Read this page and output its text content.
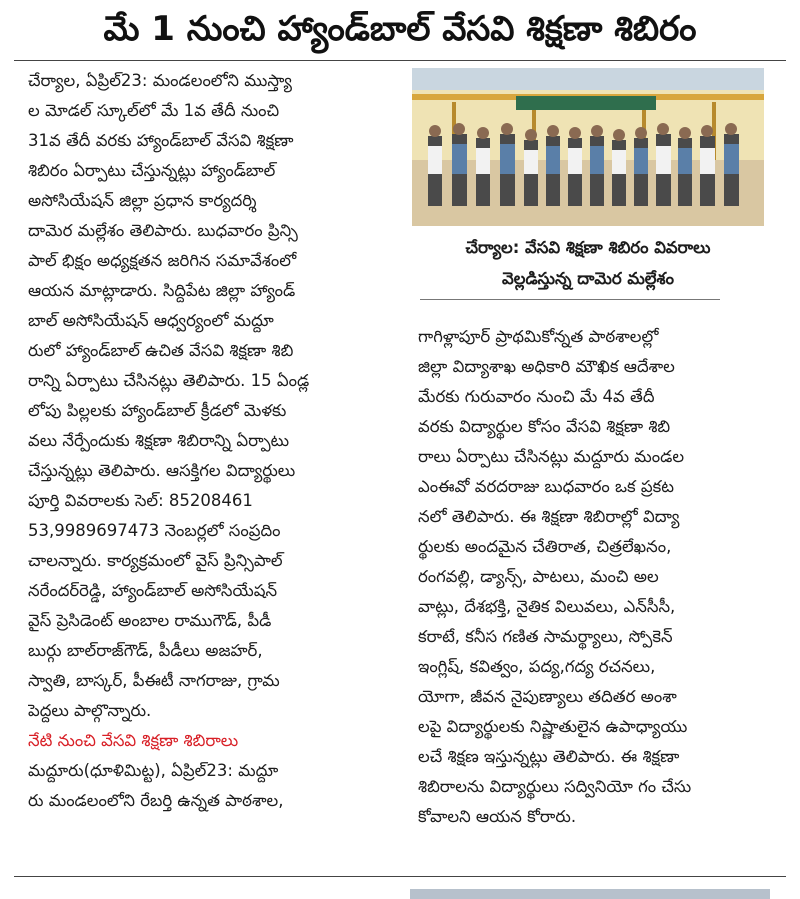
మే 1 నుంచి హ్యాండ్‌బాల్ వేసవి శిక్షణా శిబిరం
చేర్యాల, ఏప్రిల్23: మండలంలోని ముస్త్యా
ల మోడల్ స్కూల్‌లో మే 1వ తేదీ నుంచి
31వ తేదీ వరకు హ్యాండ్‌బాల్ వేసవి శిక్షణా
శిబిరం ఏర్పాటు చేస్తున్నట్లు హ్యాండ్‌బాల్
అసోసియేషన్ జిల్లా ప్రధాన కార్యదర్శి
దామెర మల్లేశం తెలిపారు. బుధవారం ప్రిన్సి
పాల్ భిక్షం అధ్యక్షతన జరిగిన సమావేశంలో
ఆయన మాట్లాడారు. సిద్దిపేట జిల్లా హ్యాండ్
బాల్ అసోసియేషన్ ఆధ్వర్యంలో మద్దూ
రులో హ్యాండ్‌బాల్ ఉచిత వేసవి శిక్షణా శిబి
రాన్ని ఏర్పాటు చేసినట్లు తెలిపారు. 15 ఏండ్ల
లోపు పిల్లలకు హ్యాండ్‌బాల్ క్రీడలో మెళకు
వలు నేర్పేందుకు శిక్షణా శిబిరాన్ని ఏర్పాటు
చేస్తున్నట్లు తెలిపారు. ఆసక్తిగల విద్యార్థులు
పూర్తి వివరాలకు సెల్: 85208461
53,9989697473 నెంబర్లలో సంప్రదిం
చాలన్నారు. కార్యక్రమంలో వైస్ ప్రిన్సిపాల్
నరేందర్‌రెడ్డి, హ్యాండ్‌బాల్ అసోసియేషన్
వైస్ ప్రెసిడెంట్ అంబాల రాముగౌడ్, పీడీ
బుర్గు బాల్‌రాజ్‌గౌడ్, పీడీలు అజహర్,
స్వాతి, బాస్కర్, పీఈటీ నాగరాజు, గ్రామ
పెద్దలు పాల్గొన్నారు.
నేటి నుంచి వేసవి శిక్షణా శిబిరాలు
మద్దూరు(ధూళిమిట్ట), ఏప్రిల్23: మద్దూ
రు మండలంలోని రేబర్తి ఉన్నత పాఠశాల,
చేర్యాల: వేసవి శిక్షణా శిబిరం వివరాలు
వెల్లడిస్తున్న దామెర మల్లేశం
గాగిళ్లాపూర్ ప్రాథమికోన్నత పాఠశాలల్లో
జిల్లా విద్యాశాఖ అధికారి మౌఖిక ఆదేశాల
మేరకు గురువారం నుంచి మే 4వ తేదీ
వరకు విద్యార్థుల కోసం వేసవి శిక్షణా శిబి
రాలు ఏర్పాటు చేసినట్లు మద్దూరు మండల
ఎంఈవో వరదరాజు బుధవారం ఒక ప్రకట
నలో తెలిపారు. ఈ శిక్షణా శిబిరాల్లో విద్యా
ర్థులకు అందమైన చేతిరాత, చిత్రలేఖనం,
రంగవల్లి, డ్యాన్స్, పాటలు, మంచి అల
వాట్లు, దేశభక్తి, నైతిక విలువలు, ఎన్‌సీసీ,
కరాటే, కనీస గణిత సామర్థ్యాలు, స్పోకెన్
ఇంగ్లిష్, కవిత్వం, పద్య,గద్య రచనలు,
యోగా, జీవన నైపుణ్యాలు తదితర అంశా
లపై విద్యార్థులకు నిష్ణాతులైన ఉపాధ్యాయు
లచే శిక్షణ ఇస్తున్నట్లు తెలిపారు. ఈ శిక్షణా
శిబిరాలను విద్యార్థులు సద్వినియో గం చేసు
కోవాలని ఆయన కోరారు.
